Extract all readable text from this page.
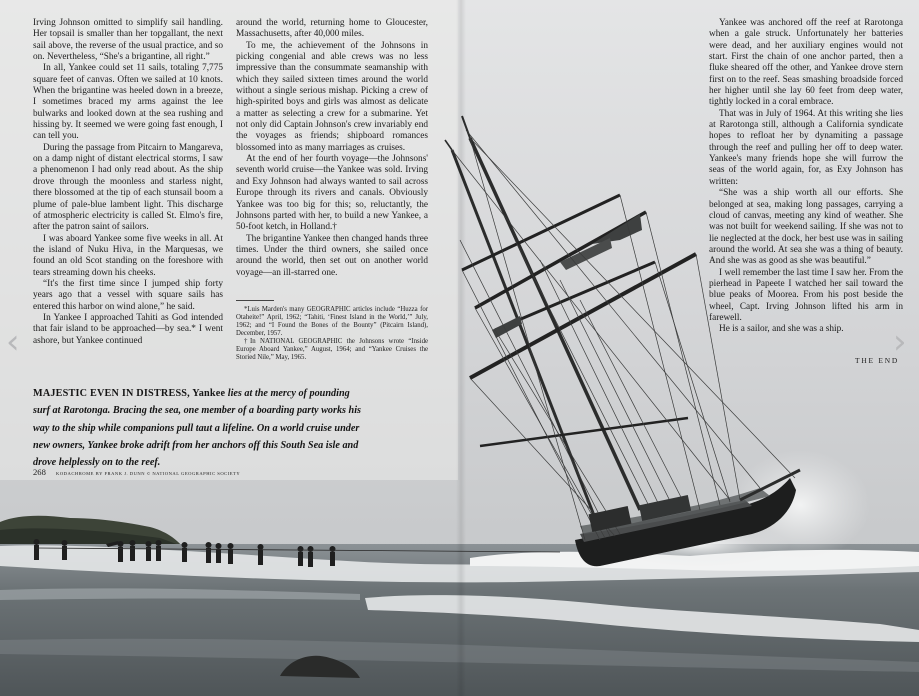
Irving Johnson omitted to simplify sail handling. Her topsail is smaller than her topgallant, the next sail above, the reverse of the usual practice, and so on. Nevertheless, “She's a brigantine, all right.”

In all, Yankee could set 11 sails, totaling 7,775 square feet of canvas. Often we sailed at 10 knots. When the brigantine was heeled down in a breeze, I sometimes braced my arms against the lee bulwarks and looked down at the sea rushing and hissing by. It seemed we were going fast enough, I can tell you.

During the passage from Pitcairn to Mangareva, on a damp night of distant electrical storms, I saw a phenomenon I had only read about. As the ship drove through the moonless and starless night, there blossomed at the tip of each stunsail boom a plume of pale-blue lambent light. This discharge of atmospheric electricity is called St. Elmo's fire, after the patron saint of sailors.

I was aboard Yankee some five weeks in all. At the island of Nuku Hiva, in the Marquesas, we found an old Scot standing on the foreshore with tears streaming down his cheeks.

“It's the first time since I jumped ship forty years ago that a vessel with square sails has entered this harbor on wind alone,” he said.

In Yankee I approached Tahiti as God intended that fair island to be approached—by sea.* I went ashore, but Yankee continued

around the world, returning home to Gloucester, Massachusetts, after 40,000 miles.

To me, the achievement of the Johnsons in picking congenial and able crews was no less impressive than the consummate seamanship with which they sailed sixteen times around the world without a single serious mishap. Picking a crew of high-spirited boys and girls was almost as delicate a matter as selecting a crew for a submarine. Yet not only did Captain Johnson's crew invariably end the voyages as friends; shipboard romances blossomed into as many marriages as cruises.

At the end of her fourth voyage—the Johnsons' seventh world cruise—the Yankee was sold. Irving and Exy Johnson had always wanted to sail across Europe through its rivers and canals. Obviously Yankee was too big for this; so, reluctantly, the Johnsons parted with her, to build a new Yankee, a 50-foot ketch, in Holland.†

The brigantine Yankee then changed hands three times. Under the third owners, she sailed once around the world, then set out on another world voyage—an ill-starred one.

*Luis Marden's many GEOGRAPHIC articles include “Huzza for Otaheite!” April, 1962; “Tahiti, ‘Finest Island in the World,’” July, 1962; and “I Found the Bones of the Bounty” (Pitcairn Island), December, 1957.

†In NATIONAL GEOGRAPHIC the Johnsons wrote “Inside Europe Aboard Yankee,” August, 1964; and “Yankee Cruises the Storied Nile,” May, 1965.

Yankee was anchored off the reef at Rarotonga when a gale struck. Unfortunately her batteries were dead, and her auxiliary engines would not start. First the chain of one anchor parted, then a fluke sheared off the other, and Yankee drove stern first on to the reef. Seas smashing broadside forced her higher until she lay 60 feet from deep water, tightly locked in a coral embrace.

That was in July of 1964. At this writing she lies at Rarotonga still, although a California syndicate hopes to refloat her by dynamiting a passage through the reef and pulling her off to deep water. Yankee's many friends hope she will furrow the seas of the world again, for, as Exy Johnson has written:

“She was a ship worth all our efforts. She belonged at sea, making long passages, carrying a cloud of canvas, meeting any kind of weather. She was not built for weekend sailing. If she was not to lie neglected at the dock, her best use was in sailing around the world. At sea she was a thing of beauty. And she was as good as she was beautiful.”

I well remember the last time I saw her. From the pierhead in Papeete I watched her sail toward the blue peaks of Moorea. From his post beside the wheel, Capt. Irving Johnson lifted his arm in farewell.

He is a sailor, and she was a ship.

THE END
MAJESTIC EVEN IN DISTRESS, Yankee lies at the mercy of pounding surf at Rarotonga. Bracing the sea, one member of a boarding party works his way to the ship while companions pull taut a lifeline. On a world cruise under new owners, Yankee broke adrift from her anchors off this South Sea isle and drove helplessly on to the reef.
268 KODACHROME BY FRANK J. DUNN © NATIONAL GEOGRAPHIC SOCIETY
‹	›
